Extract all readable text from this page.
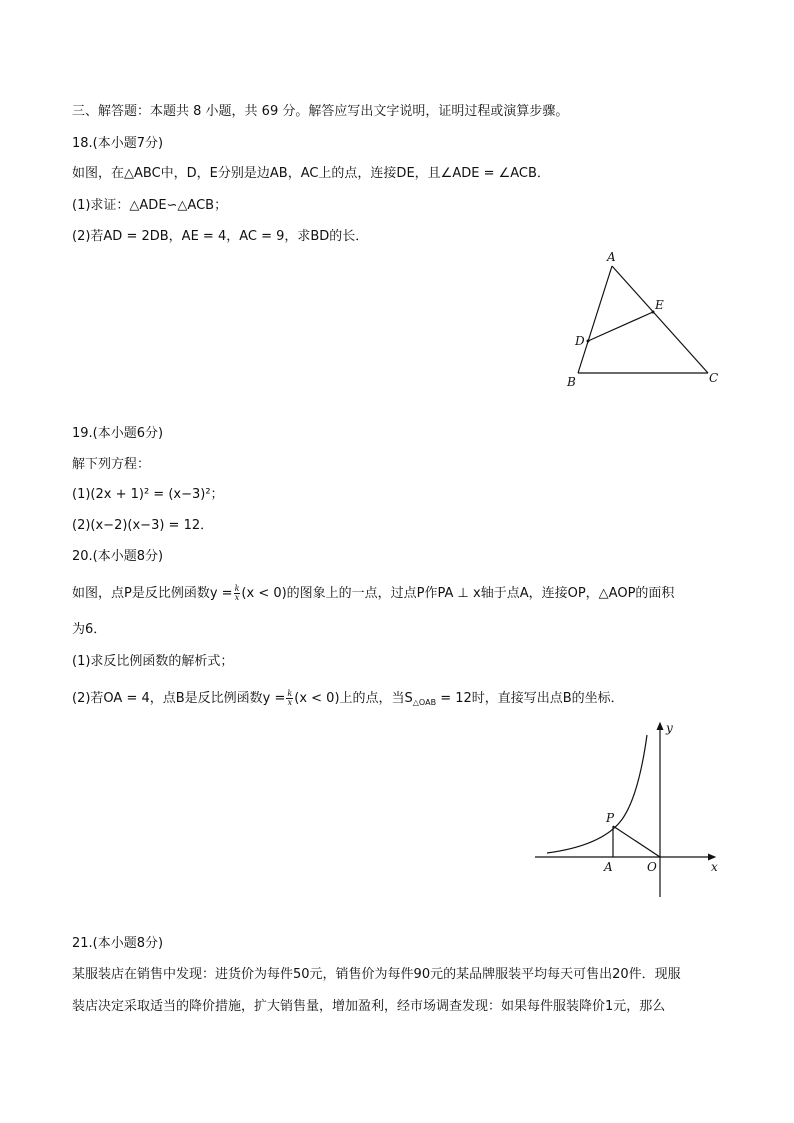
三、解答题：本题共 8 小题，共 69 分。解答应写出文字说明，证明过程或演算步骤。
18.(本小题7分)
如图，在△ABC中，D，E分别是边AB，AC上的点，连接DE，且∠ADE = ∠ACB．
(1)求证：△ADE∽△ACB；
(2)若AD = 2DB，AE = 4，AC = 9，求BD的长．
A
B	C
D
E
19.(本小题6分)
解下列方程：
(1)(2x + 1)² = (x−3)²；
(2)(x−2)(x−3) = 12．
20.(本小题8分)
如图，点P是反比例函数$y = \frac{k}{x} (x < 0)$的图象上的一点，过点P作PA ⊥ x轴于点A，连接OP，△AOP的面积
为6．
(1)求反比例函数的解析式；
(2)若OA = 4，点B是反比例函数$y = \frac{k}{x} (x < 0)$上的点，当$S_{\triangle OAB} = 12$时，直接写出点B的坐标．
y
x
P
A	O
21.(本小题8分)
某服装店在销售中发现：进货价为每件50元，销售价为每件90元的某品牌服装平均每天可售出20件．现服
装店决定采取适当的降价措施，扩大销售量，增加盈利，经市场调查发现：如果每件服装降价1元，那么
